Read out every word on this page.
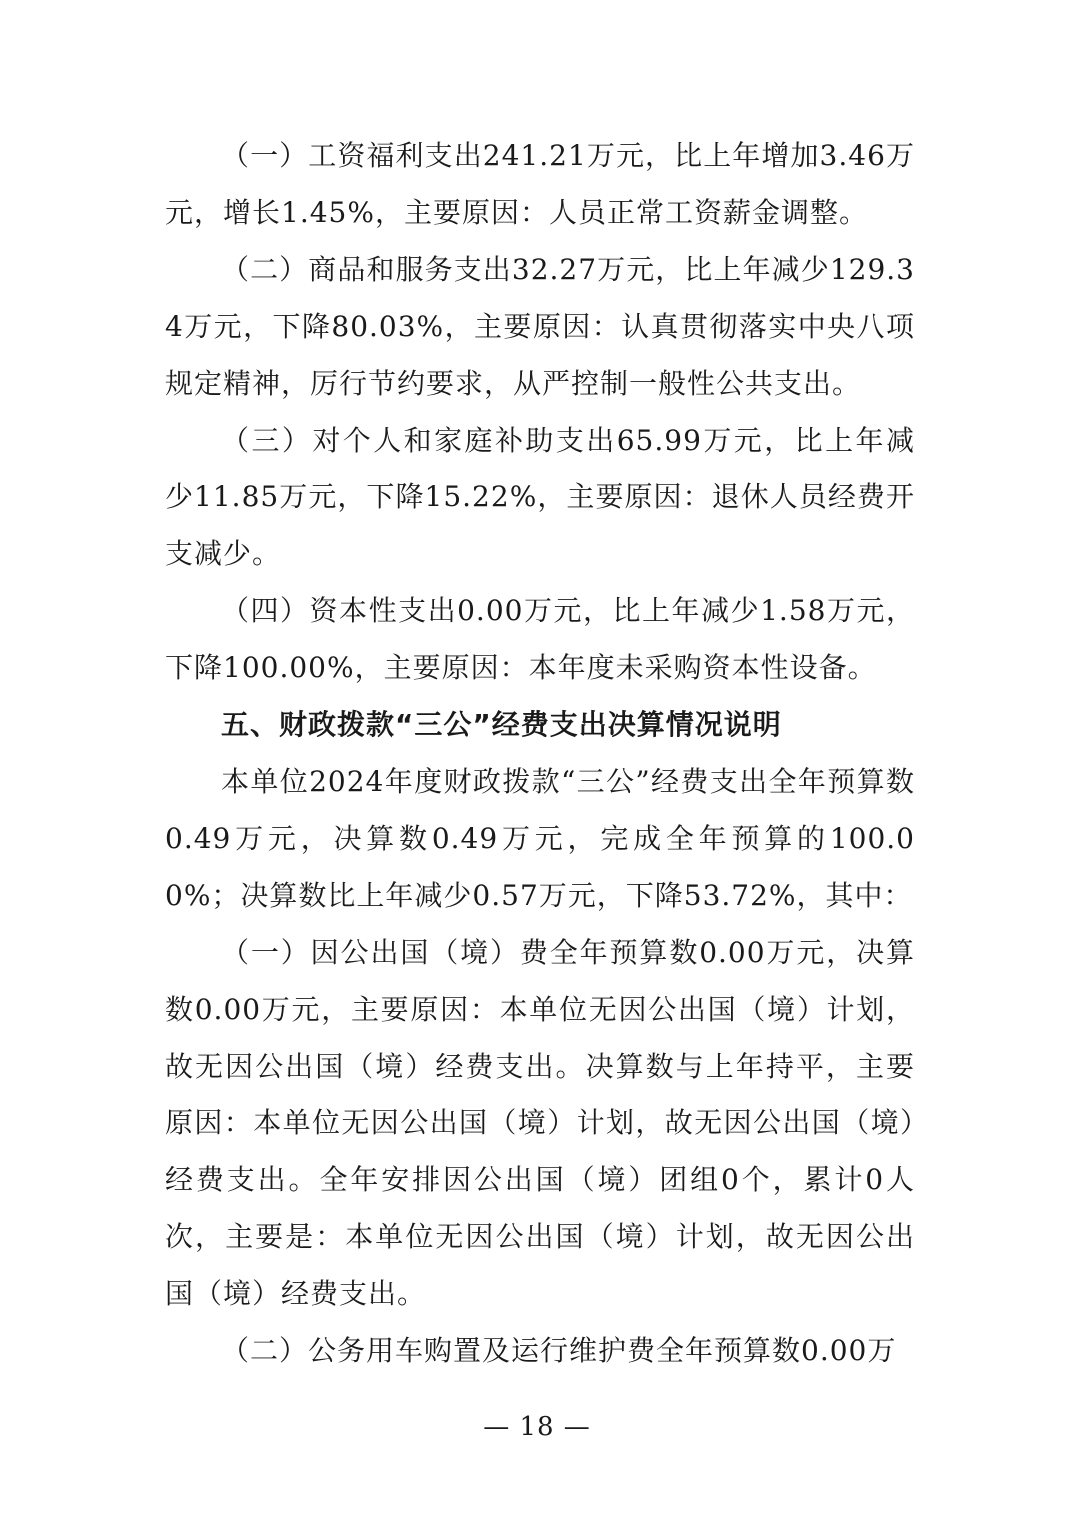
（一）工资福利支出241.21万元，比上年增加3.46万元，增长1.45%，主要原因：人员正常工资薪金调整。

（二）商品和服务支出32.27万元，比上年减少129.34万元，下降80.03%，主要原因：认真贯彻落实中央八项规定精神，厉行节约要求，从严控制一般性公共支出。

（三）对个人和家庭补助支出65.99万元，比上年减少11.85万元，下降15.22%，主要原因：退休人员经费开支减少。

（四）资本性支出0.00万元，比上年减少1.58万元，下降100.00%，主要原因：本年度未采购资本性设备。

五、财政拨款“三公”经费支出决算情况说明

本单位2024年度财政拨款“三公”经费支出全年预算数0.49万元，决算数0.49万元，完成全年预算的100.00%；决算数比上年减少0.57万元，下降53.72%，其中：

（一）因公出国（境）费全年预算数0.00万元，决算数0.00万元，主要原因：本单位无因公出国（境）计划，故无因公出国（境）经费支出。决算数与上年持平，主要原因：本单位无因公出国（境）计划，故无因公出国（境）经费支出。全年安排因公出国（境）团组0个，累计0人次，主要是：本单位无因公出国（境）计划，故无因公出国（境）经费支出。

（二）公务用车购置及运行维护费全年预算数0.00万

— 18 —
